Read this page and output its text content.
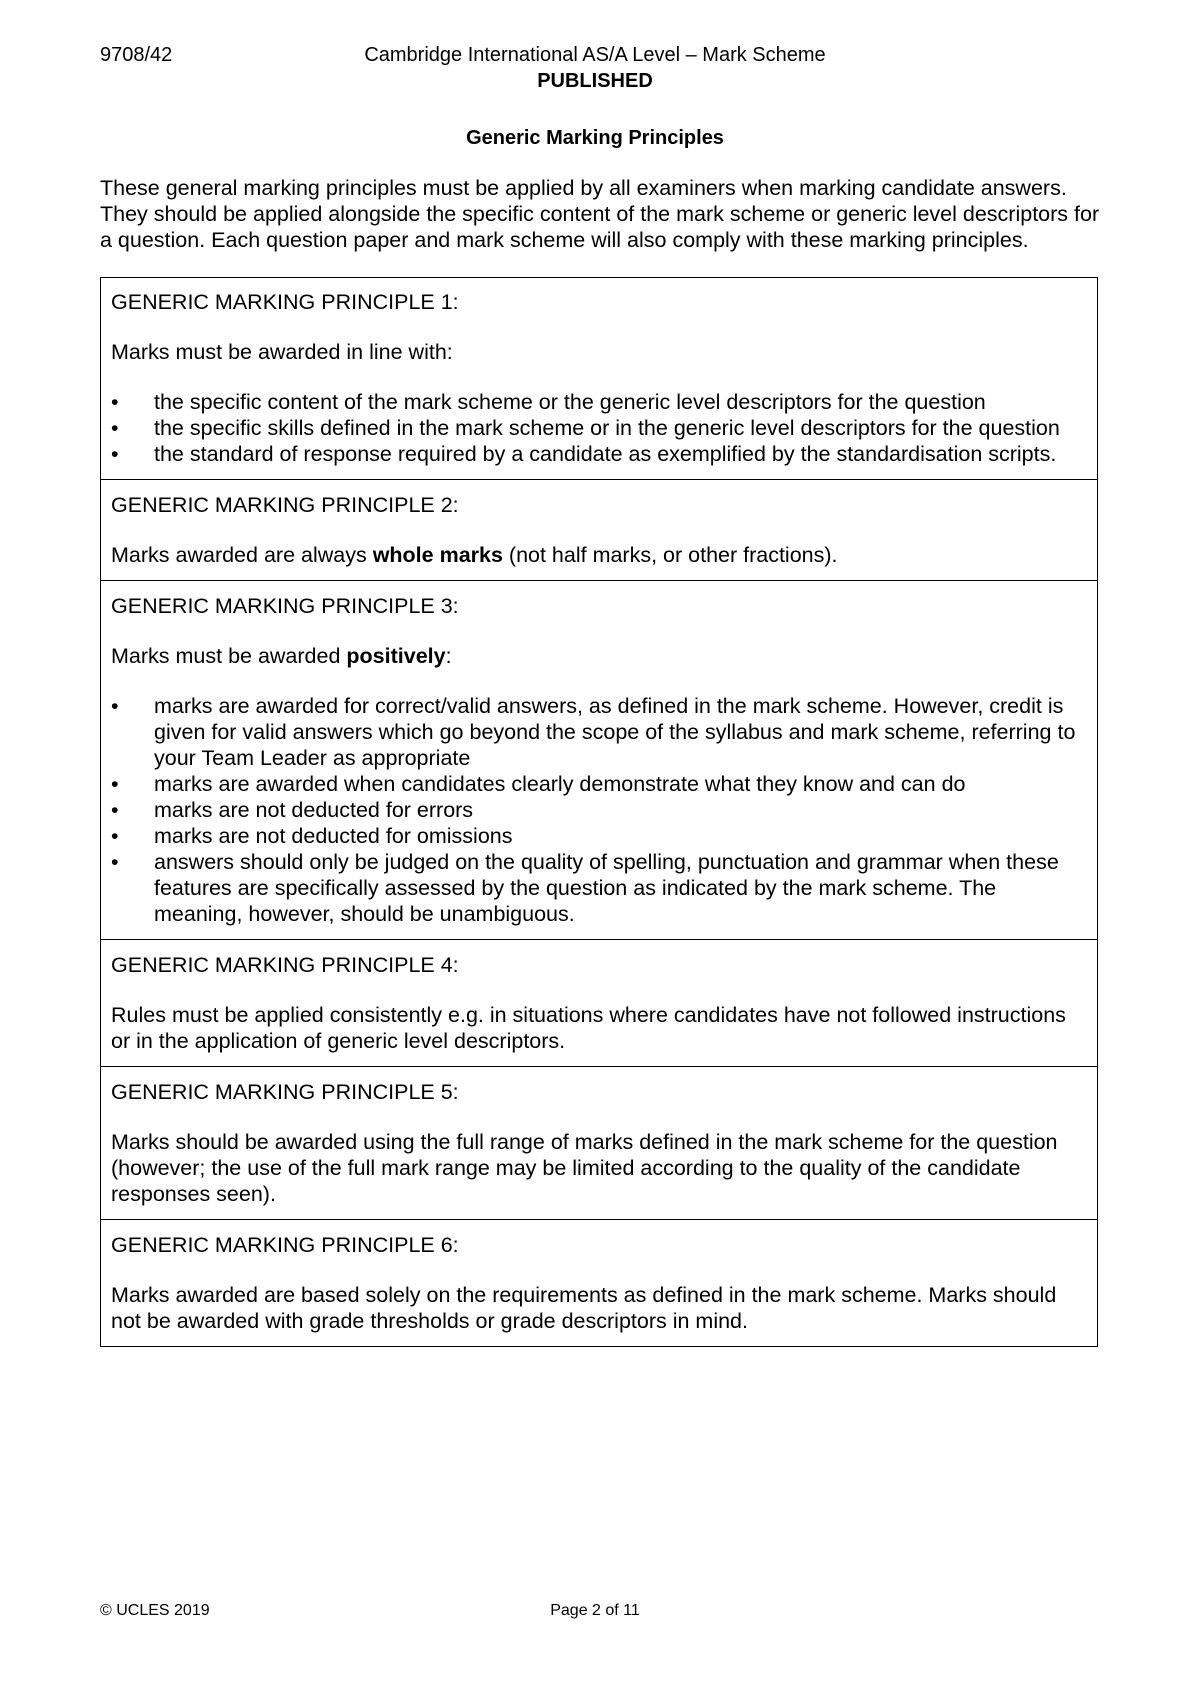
9708/42	Cambridge International AS/A Level – Mark Scheme
PUBLISHED
Generic Marking Principles
These general marking principles must be applied by all examiners when marking candidate answers. They should be applied alongside the specific content of the mark scheme or generic level descriptors for a question. Each question paper and mark scheme will also comply with these marking principles.
GENERIC MARKING PRINCIPLE 1:
Marks must be awarded in line with:
•	the specific content of the mark scheme or the generic level descriptors for the question
•	the specific skills defined in the mark scheme or in the generic level descriptors for the question
•	the standard of response required by a candidate as exemplified by the standardisation scripts.
GENERIC MARKING PRINCIPLE 2:
Marks awarded are always whole marks (not half marks, or other fractions).
GENERIC MARKING PRINCIPLE 3:
Marks must be awarded positively:
•	marks are awarded for correct/valid answers, as defined in the mark scheme. However, credit is given for valid answers which go beyond the scope of the syllabus and mark scheme, referring to your Team Leader as appropriate
•	marks are awarded when candidates clearly demonstrate what they know and can do
•	marks are not deducted for errors
•	marks are not deducted for omissions
•	answers should only be judged on the quality of spelling, punctuation and grammar when these features are specifically assessed by the question as indicated by the mark scheme. The meaning, however, should be unambiguous.
GENERIC MARKING PRINCIPLE 4:
Rules must be applied consistently e.g. in situations where candidates have not followed instructions or in the application of generic level descriptors.
GENERIC MARKING PRINCIPLE 5:
Marks should be awarded using the full range of marks defined in the mark scheme for the question (however; the use of the full mark range may be limited according to the quality of the candidate responses seen).
GENERIC MARKING PRINCIPLE 6:
Marks awarded are based solely on the requirements as defined in the mark scheme. Marks should not be awarded with grade thresholds or grade descriptors in mind.
© UCLES 2019	Page 2 of 11
